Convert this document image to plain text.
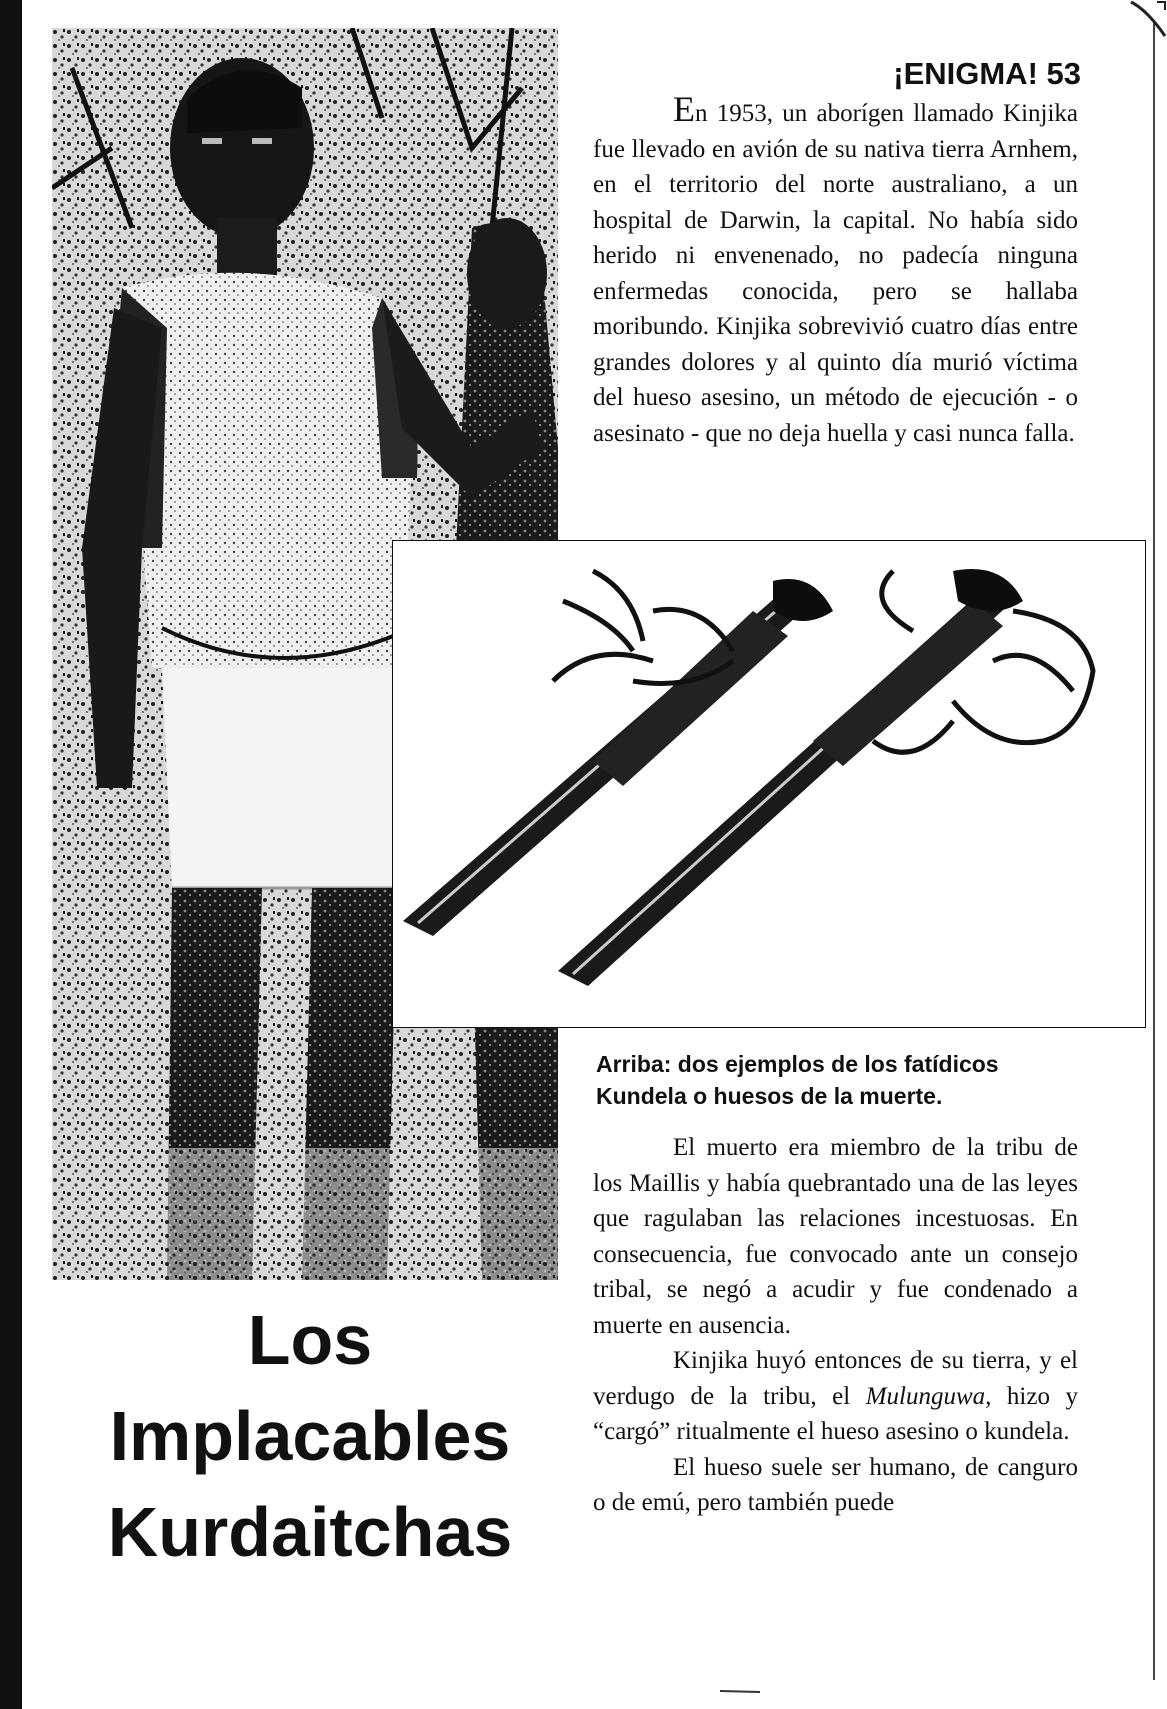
Los
Implacables
Kurdaitchas
¡ENIGMA! 53

En 1953, un aborígen llamado Kinjika fue llevado en avión de su nativa tierra Arnhem, en el territorio del norte australiano, a un hospital de Darwin, la capital. No había sido herido ni envenenado, no padecía ninguna enfermedas conocida, pero se hallaba moribundo. Kinjika sobrevivió cuatro días entre grandes dolores y al quinto día murió víctima del hueso asesino, un método de ejecución - o asesinato - que no deja huella y casi nunca falla.

Arriba: dos ejemplos de los fatídicos Kundela o huesos de la muerte.

El muerto era miembro de la tribu de los Maillis y había quebrantado una de las leyes que ragulaban las relaciones incestuosas. En consecuencia, fue convocado ante un consejo tribal, se negó a acudir y fue condenado a muerte en ausencia.

Kinjika huyó entonces de su tierra, y el verdugo de la tribu, el Mulunguwa, hizo y “cargó” ritualmente el hueso asesino o kundela.

El hueso suele ser humano, de canguro o de emú, pero también puede
